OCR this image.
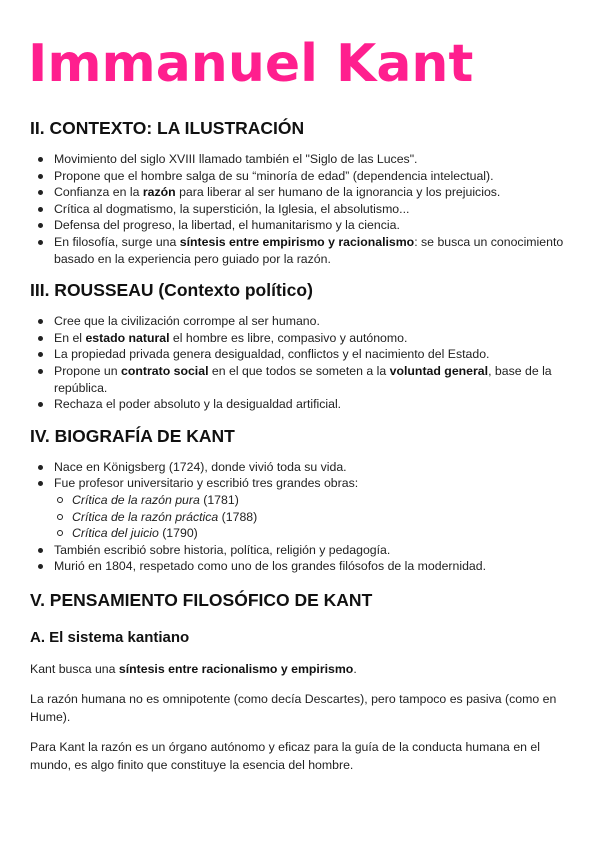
Immanuel Kant
II. CONTEXTO: LA ILUSTRACIÓN
Movimiento del siglo XVIII llamado también el "Siglo de las Luces".
Propone que el hombre salga de su “minoría de edad” (dependencia intelectual).
Confianza en la razón para liberar al ser humano de la ignorancia y los prejuicios.
Crítica al dogmatismo, la superstición, la Iglesia, el absolutismo...
Defensa del progreso, la libertad, el humanitarismo y la ciencia.
En filosofía, surge una síntesis entre empirismo y racionalismo: se busca un conocimiento basado en la experiencia pero guiado por la razón.
III. ROUSSEAU (Contexto político)
Cree que la civilización corrompe al ser humano.
En el estado natural el hombre es libre, compasivo y autónomo.
La propiedad privada genera desigualdad, conflictos y el nacimiento del Estado.
Propone un contrato social en el que todos se someten a la voluntad general, base de la república.
Rechaza el poder absoluto y la desigualdad artificial.
IV. BIOGRAFÍA DE KANT
Nace en Königsberg (1724), donde vivió toda su vida.
Fue profesor universitario y escribió tres grandes obras:
Crítica de la razón pura (1781)
Crítica de la razón práctica (1788)
Crítica del juicio (1790)
También escribió sobre historia, política, religión y pedagogía.
Murió en 1804, respetado como uno de los grandes filósofos de la modernidad.
V. PENSAMIENTO FILOSÓFICO DE KANT
A. El sistema kantiano

Kant busca una síntesis entre racionalismo y empirismo.

La razón humana no es omnipotente (como decía Descartes), pero tampoco es pasiva (como en Hume).

Para Kant la razón es un órgano autónomo y eficaz para la guía de la conducta humana en el mundo, es algo finito que constituye la esencia del hombre.
